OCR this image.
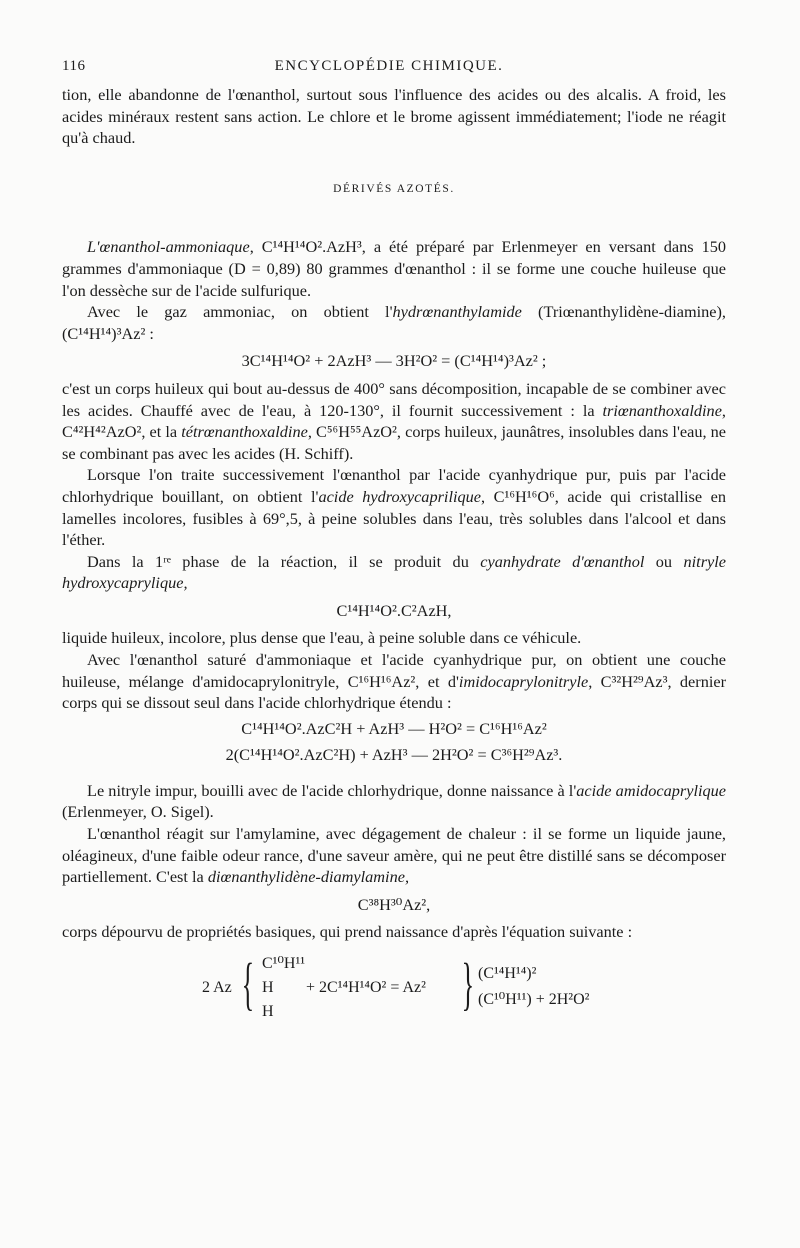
116	ENCYCLOPÉDIE CHIMIQUE.

tion, elle abandonne de l'œnanthol, surtout sous l'influence des acides ou des alcalis. A froid, les acides minéraux restent sans action. Le chlore et le brome agissent immédiatement; l'iode ne réagit qu'à chaud.

DÉRIVÉS AZOTÉS.

L'œnanthol-ammoniaque, C¹⁴H¹⁴O².AzH³, a été préparé par Erlenmeyer en versant dans 150 grammes d'ammoniaque (D = 0,89) 80 grammes d'œnanthol : il se forme une couche huileuse que l'on dessèche sur de l'acide sulfurique.

Avec le gaz ammoniac, on obtient l'hydrœnanthylamide (Triœnanthylidène-diamine), (C¹⁴H¹⁴)³Az² :

3C¹⁴H¹⁴O² + 2AzH³ — 3H²O² = (C¹⁴H¹⁴)³Az² ;

c'est un corps huileux qui bout au-dessus de 400° sans décomposition, incapable de se combiner avec les acides. Chauffé avec de l'eau, à 120-130°, il fournit successivement : la triœnanthoxaldine, C⁴²H⁴²AzO², et la tétrœnanthoxaldine, C⁵⁶H⁵⁵AzO², corps huileux, jaunâtres, insolubles dans l'eau, ne se combinant pas avec les acides (H. Schiff).

Lorsque l'on traite successivement l'œnanthol par l'acide cyanhydrique pur, puis par l'acide chlorhydrique bouillant, on obtient l'acide hydroxycaprilique, C¹⁶H¹⁶O⁶, acide qui cristallise en lamelles incolores, fusibles à 69°,5, à peine solubles dans l'eau, très solubles dans l'alcool et dans l'éther.

Dans la 1ʳᵉ phase de la réaction, il se produit du cyanhydrate d'œnanthol ou nitryle hydroxycaprylique,

C¹⁴H¹⁴O².C²AzH,

liquide huileux, incolore, plus dense que l'eau, à peine soluble dans ce véhicule.

Avec l'œnanthol saturé d'ammoniaque et l'acide cyanhydrique pur, on obtient une couche huileuse, mélange d'amidocaprylonitryle, C¹⁶H¹⁶Az², et d'imidocaprylonitryle, C³²H²⁹Az³, dernier corps qui se dissout seul dans l'acide chlorhydrique étendu :

C¹⁴H¹⁴O².AzC²H + AzH³ — H²O² = C¹⁶H¹⁶Az²

2(C¹⁴H¹⁴O².AzC²H) + AzH³ — 2H²O² = C³⁶H²⁹Az³.

Le nitryle impur, bouilli avec de l'acide chlorhydrique, donne naissance à l'acide amidocaprylique (Erlenmeyer, O. Sigel).

L'œnanthol réagit sur l'amylamine, avec dégagement de chaleur : il se forme un liquide jaune, oléagineux, d'une faible odeur rance, d'une saveur amère, qui ne peut être distillé sans se décomposer partiellement. C'est la diœnanthylidène-diamylamine,

C³⁸H³⁰Az²,

corps dépourvu de propriétés basiques, qui prend naissance d'après l'équation suivante :

2 Az { C¹⁰H¹¹
H
H
+ 2C¹⁴H¹⁴O² = Az² } (C¹⁴H¹⁴)²
(C¹⁰H¹¹) + 2H²O²
